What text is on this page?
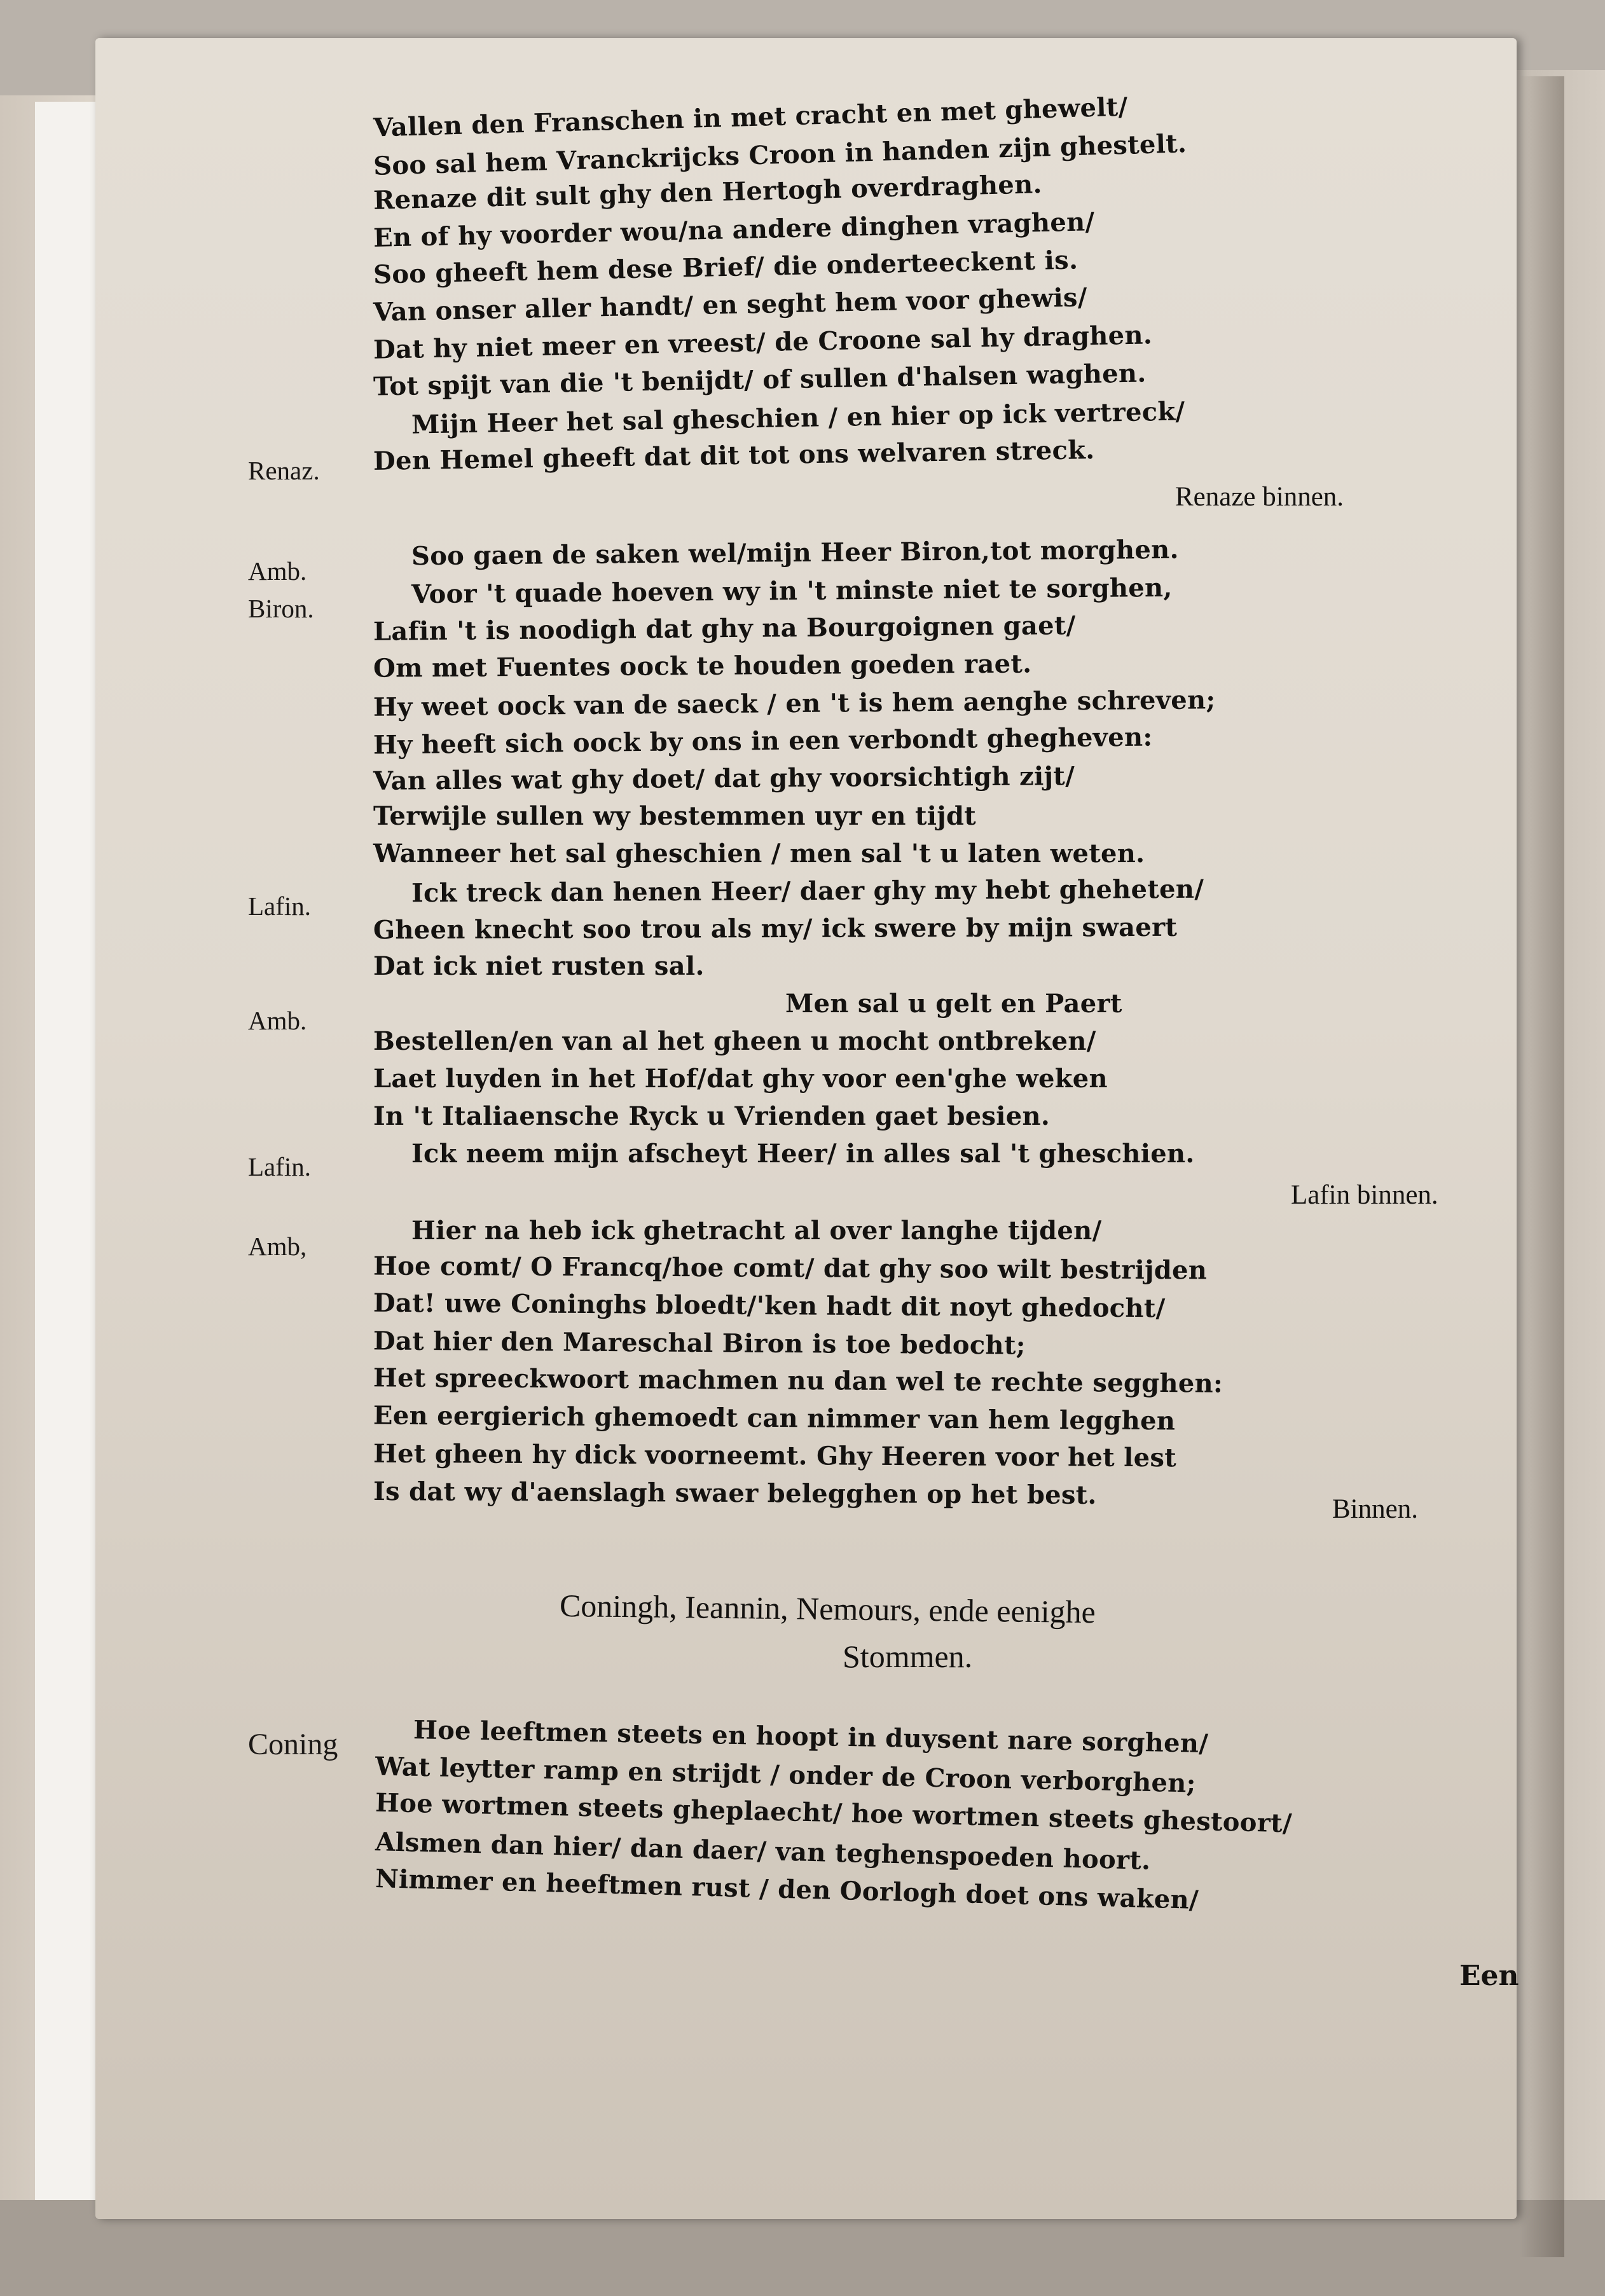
Vallen den Franschen in met cracht en met ghewelt/

Soo sal hem Vranckrijcks Croon in handen zijn ghestelt.

Renaze dit sult ghy den Hertogh overdraghen.

En of hy voorder wou/na andere dinghen vraghen/

Soo gheeft hem dese Brief/ die onderteeckent is.

Van onser aller handt/ en seght hem voor ghewis/

Dat hy niet meer en vreest/ de Croone sal hy draghen.

Tot spijt van die 't benijdt/ of sullen d'halsen waghen.

Renaz.

Mijn Heer het sal gheschien / en hier op ick vertreck/

Den Hemel gheeft dat dit tot ons welvaren streck.

Renaze binnen.

Amb.	Soo gaen de saken wel/mijn Heer Biron,tot morghen.

Biron.	Voor 't quade hoeven wy in 't minste niet te sorghen,

Lafin 't is noodigh dat ghy na Bourgoignen gaet/

Om met Fuentes oock te houden goeden raet.

Hy weet oock van de saeck / en 't is hem aenghe schreven;

Hy heeft sich oock by ons in een verbondt ghegheven:

Van alles wat ghy doet/ dat ghy voorsichtigh zijt/

Terwijle sullen wy bestemmen uyr en tijdt

Wanneer het sal gheschien / men sal 't u laten weten.

Lafin.	Ick treck dan henen Heer/ daer ghy my hebt gheheten/

Gheen knecht soo trou als my/ ick swere by mijn swaert

Dat ick niet rusten sal.

Amb.

Men sal u gelt en Paert

Bestellen/en van al het gheen u mocht ontbreken/

Laet luyden in het Hof/dat ghy voor een'ghe weken

In 't Italiaensche Ryck u Vrienden gaet besien.

Lafin.	Ick neem mijn afscheyt Heer/ in alles sal 't gheschien.

Lafin binnen.

Amb,

Hier na heb ick ghetracht al over langhe tijden/

Hoe comt/ O Francq/hoe comt/ dat ghy soo wilt bestrijden

Dat! uwe Coninghs bloedt/'ken hadt dit noyt ghedocht/

Dat hier den Mareschal Biron is toe bedocht;

Het spreeckwoort machmen nu dan wel te rechte segghen:

Een eergierich ghemoedt can nimmer van hem legghen

Het gheen hy dick voorneemt. Ghy Heeren voor het lest

Is dat wy d'aenslagh swaer belegghen op het best.	Binnen.

Coningh, Ieannin, Nemours, ende eenighe

Stommen.

Coning	Hoe leeftmen steets en hoopt in duysent nare sorghen/

Wat leytter ramp en strijdt / onder de Croon verborghen;

Hoe wortmen steets gheplaecht/ hoe wortmen steets ghestoort/

Alsmen dan hier/ dan daer/ van teghenspoeden hoort.

Nimmer en heeftmen rust / den Oorlogh doet ons waken/

Een
